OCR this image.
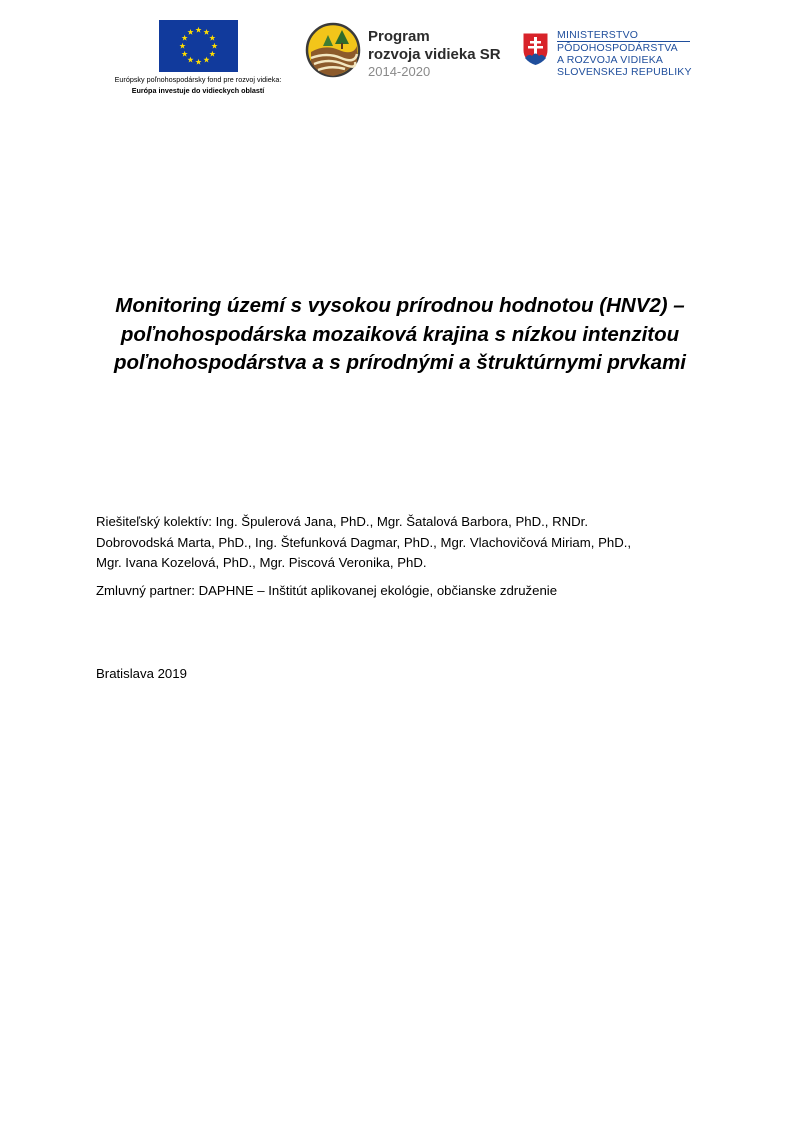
Európsky poľnohospodársky fond pre rozvoj vidieka:
Európa investuje do vidieckych oblastí
Program
rozvoja vidieka SR
2014-2020
MINISTERSTVO
PÔDOHOSPODÁRSTVA
A ROZVOJA VIDIEKA
SLOVENSKEJ REPUBLIKY
Monitoring území s vysokou prírodnou hodnotou (HNV2) –
poľnohospodárska mozaiková krajina s nízkou intenzitou
poľnohospodárstva a s prírodnými a štruktúrnymi prvkami

Riešiteľský kolektív: Ing. Špulerová Jana, PhD., Mgr. Šatalová Barbora, PhD., RNDr.
Dobrovodská Marta, PhD., Ing. Štefunková Dagmar, PhD., Mgr. Vlachovičová Miriam, PhD.,
Mgr. Ivana Kozelová, PhD., Mgr. Piscová Veronika, PhD.

Zmluvný partner: DAPHNE – Inštitút aplikovanej ekológie, občianske združenie

Bratislava 2019
